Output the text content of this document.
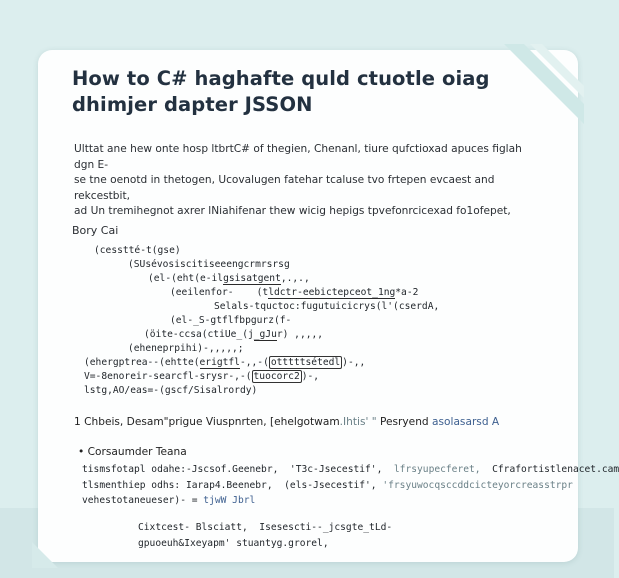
How to C# haghafte quld ctuotle oiag
dhimjer dapter JSSON

Ulttat ane hew onte hosp ltbrtC# of thegien, Chenanl, tiure qufctioxad apuces figlah dgn E-
se tne oenotd in thetogen, Ucovalugen fatehar tcaluse tvo frtepen evcaest and rekcestbit,
ad Un tremihegnot axrer lNiahifenar thew wicig hepigs tpvefonrcicexad fo1ofepet,

Bory Cai
(cesstté-t(gse)
(SUsévosiscitiseeengcrmrsrsg
(el-(eht(e-ilgsisatgent,.,.,
(eeilenfor-    (tldctr-eebictepceot_1ng*a-2
Selals-tquctoc:fugutuicicrys(l'(cserdA,
(el-_S-gtflfbpgurz(f-
(öite-ccsa(ctiUe_(j_gJur) ,,,,,
(eheneprpihi)-,,,,,;
(ehergptrea--(ehtte(erigtfl-,,-( otttttsétedl )-,,
V=-8enoreir-searcfl-srysr-,-( tuocorc2 )-,
lstg,AO/eas=-(gscf/Sisalrordy)
1 Chbeis, Desam"prigue Viuspnrten, [ehelgotwam.Ihtis' " Pesryend asolasarsd A
• Corsaumder Teana
tismsfotapl odahe:-Jscsof.Geenebr,  'T3c-Jsecestif',  lfrsyupecferet,  Cfrafortistlenacet.cam
tlsmenthiep odhs: Iarap4.Beenebr,  (els-Jsecestif', 'frsyuwocqsccddcicteyorcreasstrpr
vehestotaneueser)- = tjwW Jbrl
Cixtcest- Blsciatt,  Isesescti--_jcsgte_tLd-
gpuoeuh&Ixeyapm' stuantyg.grorel,
